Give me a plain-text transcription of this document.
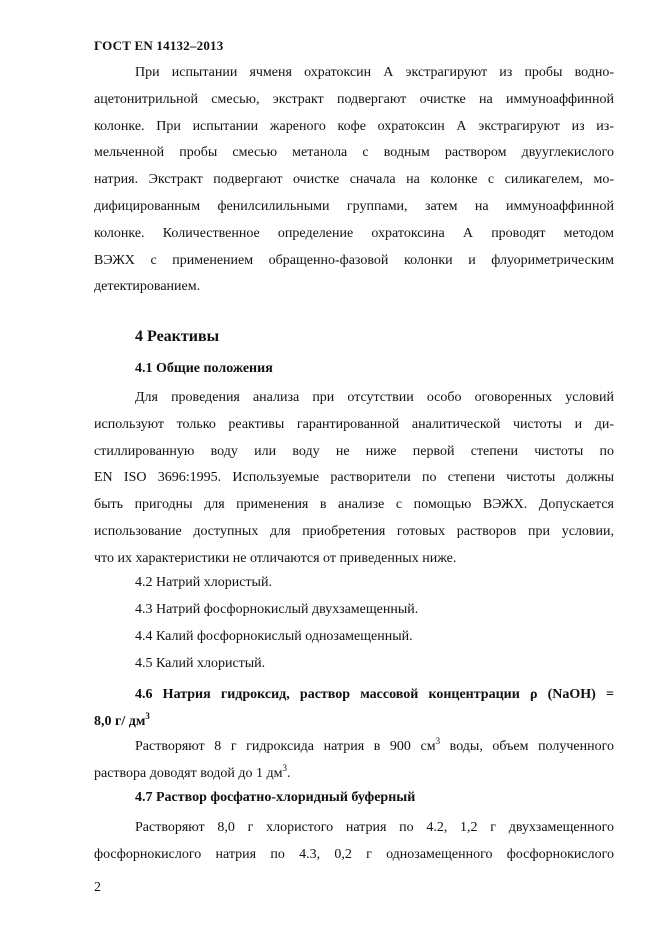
ГОСТ EN 14132–2013
При испытании ячменя охратоксин А экстрагируют из пробы водно-
ацетонитрильной смесью, экстракт подвергают очистке на иммуноаффинной
колонке. При испытании жареного кофе охратоксин А экстрагируют из из-
мельченной пробы смесью метанола с водным раствором двууглекислого
натрия. Экстракт подвергают очистке сначала на колонке с силикагелем, мо-
дифицированным фенилсилильными группами, затем на иммуноаффинной
колонке. Количественное определение охратоксина А проводят методом
ВЭЖХ с применением обращенно-фазовой колонки и флуориметрическим
детектированием.
4 Реактивы
4.1 Общие положения
Для проведения анализа при отсутствии особо оговоренных условий
используют только реактивы гарантированной аналитической чистоты и ди-
стиллированную воду или воду не ниже первой степени чистоты по
EN ISO 3696:1995. Используемые растворители по степени чистоты должны
быть пригодны для применения в анализе с помощью ВЭЖХ. Допускается
использование доступных для приобретения готовых растворов при условии,
что их характеристики не отличаются от приведенных ниже.
4.2 Натрий хлористый.
4.3 Натрий фосфорнокислый двухзамещенный.
4.4 Калий фосфорнокислый однозамещенный.
4.5 Калий хлористый.
4.6 Натрия гидроксид, раствор массовой концентрации ρ (NaOH) =
8,0 г/ $дм^3$
Растворяют 8 г гидроксида натрия в 900 $см^3$ воды, объем полученного
раствора доводят водой до 1 $дм^3$.
4.7 Раствор фосфатно-хлоридный буферный
Растворяют 8,0 г хлористого натрия по 4.2, 1,2 г двухзамещенного
фосфорнокислого натрия по 4.3, 0,2 г однозамещенного фосфорнокислого
2
